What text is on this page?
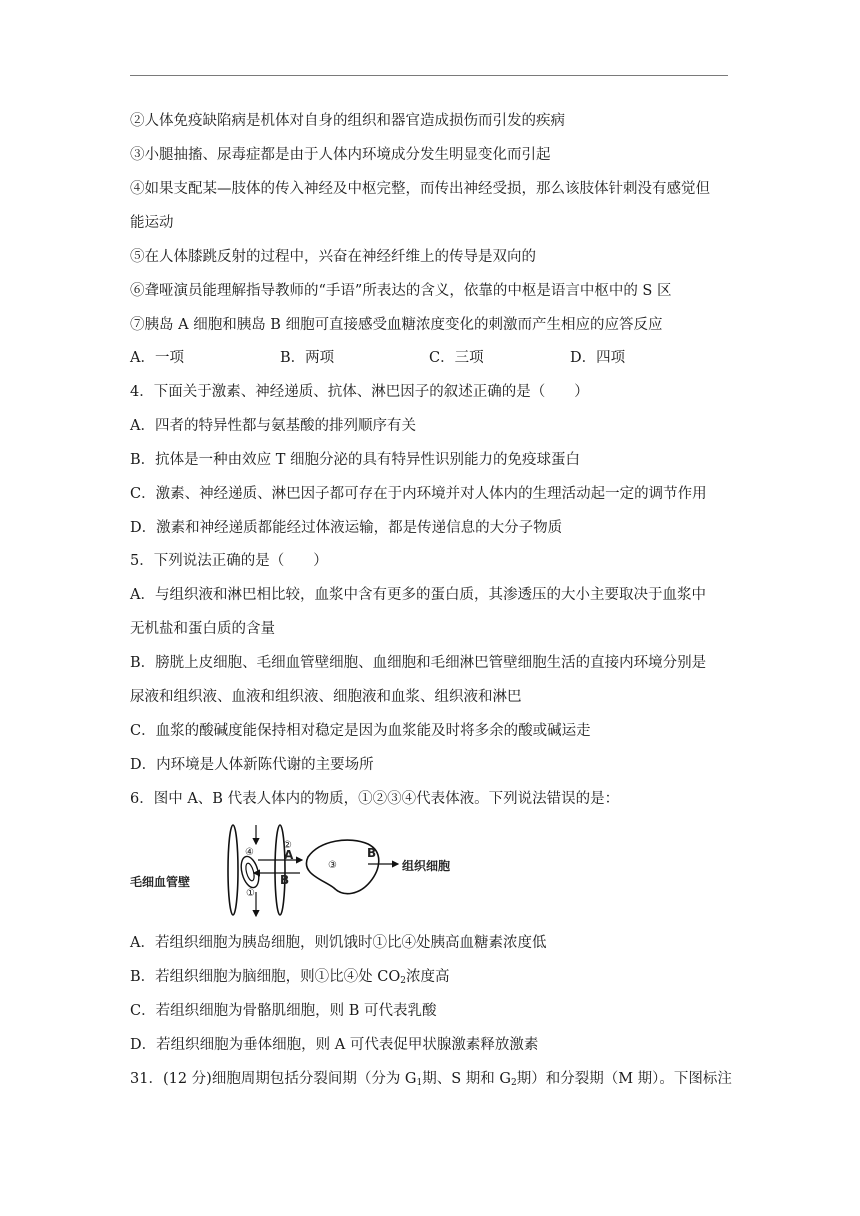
②人体免疫缺陷病是机体对自身的组织和器官造成损伤而引发的疾病
③小腿抽搐、尿毒症都是由于人体内环境成分发生明显变化而引起
④如果支配某—肢体的传入神经及中枢完整，而传出神经受损，那么该肢体针刺没有感觉但
能运动
⑤在人体膝跳反射的过程中，兴奋在神经纤维上的传导是双向的
⑥聋哑演员能理解指导教师的“手语”所表达的含义，依靠的中枢是语言中枢中的 S 区
⑦胰岛 A 细胞和胰岛 B 细胞可直接感受血糖浓度变化的刺激而产生相应的应答反应
A．一项	B．两项	C．三项	D．四项
4．下面关于激素、神经递质、抗体、淋巴因子的叙述正确的是（　　）
A．四者的特异性都与氨基酸的排列顺序有关
B．抗体是一种由效应 T 细胞分泌的具有特异性识别能力的免疫球蛋白
C．激素、神经递质、淋巴因子都可存在于内环境并对人体内的生理活动起一定的调节作用
D．激素和神经递质都能经过体液运输，都是传递信息的大分子物质
5．下列说法正确的是（　　）
A．与组织液和淋巴相比较，血浆中含有更多的蛋白质，其渗透压的大小主要取决于血浆中
无机盐和蛋白质的含量
B．膀胱上皮细胞、毛细血管壁细胞、血细胞和毛细淋巴管壁细胞生活的直接内环境分别是
尿液和组织液、血液和组织液、细胞液和血浆、组织液和淋巴
C．血浆的酸碱度能保持相对稳定是因为血浆能及时将多余的酸或碱运走
D．内环境是人体新陈代谢的主要场所
6．图中 A、B 代表人体内的物质，①②③④代表体液。下列说法错误的是：
毛细血管壁
组织细胞
A
B
B
④
②
①
③
A．若组织细胞为胰岛细胞，则饥饿时①比④处胰高血糖素浓度低
B．若组织细胞为脑细胞，则①比④处 $CO_2$浓度高
C．若组织细胞为骨骼肌细胞，则 B 可代表乳酸
D．若组织细胞为垂体细胞，则 A 可代表促甲状腺激素释放激素
31．(12 分)细胞周期包括分裂间期（分为 $G_1$期、S 期和 $G_2$期）和分裂期（M 期）。下图标注
